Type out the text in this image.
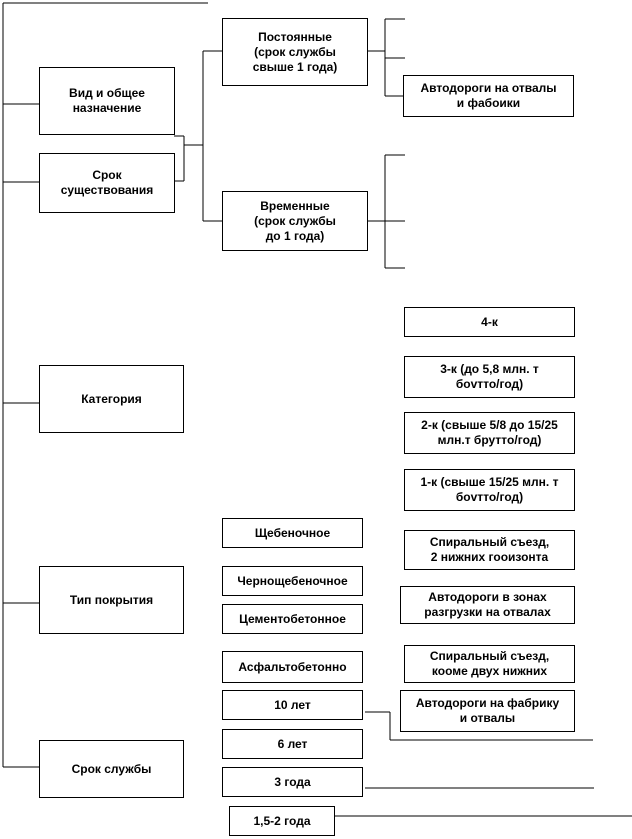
Вид и общее
назначение
Срок
существования
Категория
Тип покрытия
Срок службы
Постоянные
(срок службы
свыше 1 года)
Временные
(срок службы
до 1 года)
Щебеночное
Чернощебеночное
Цементобетонное
Асфальтобетонно
10 лет
6 лет
3 года
1,5-2 года
Автодороги на отвалы
и фабоики
4-к
3-к (до 5,8 млн. т
боvтто/год)
2-к (свыше 5/8 до 15/25
млн.т бруттo/год)
1-к (свыше 15/25 млн. т
боvтто/год)
Спиральный съезд,
2 нижних гооизонта
Автодороги в зонах
разгрузки на отвалах
Спиральный съезд,
кооме двух нижних
Автодороги на фабрику
и отвалы
